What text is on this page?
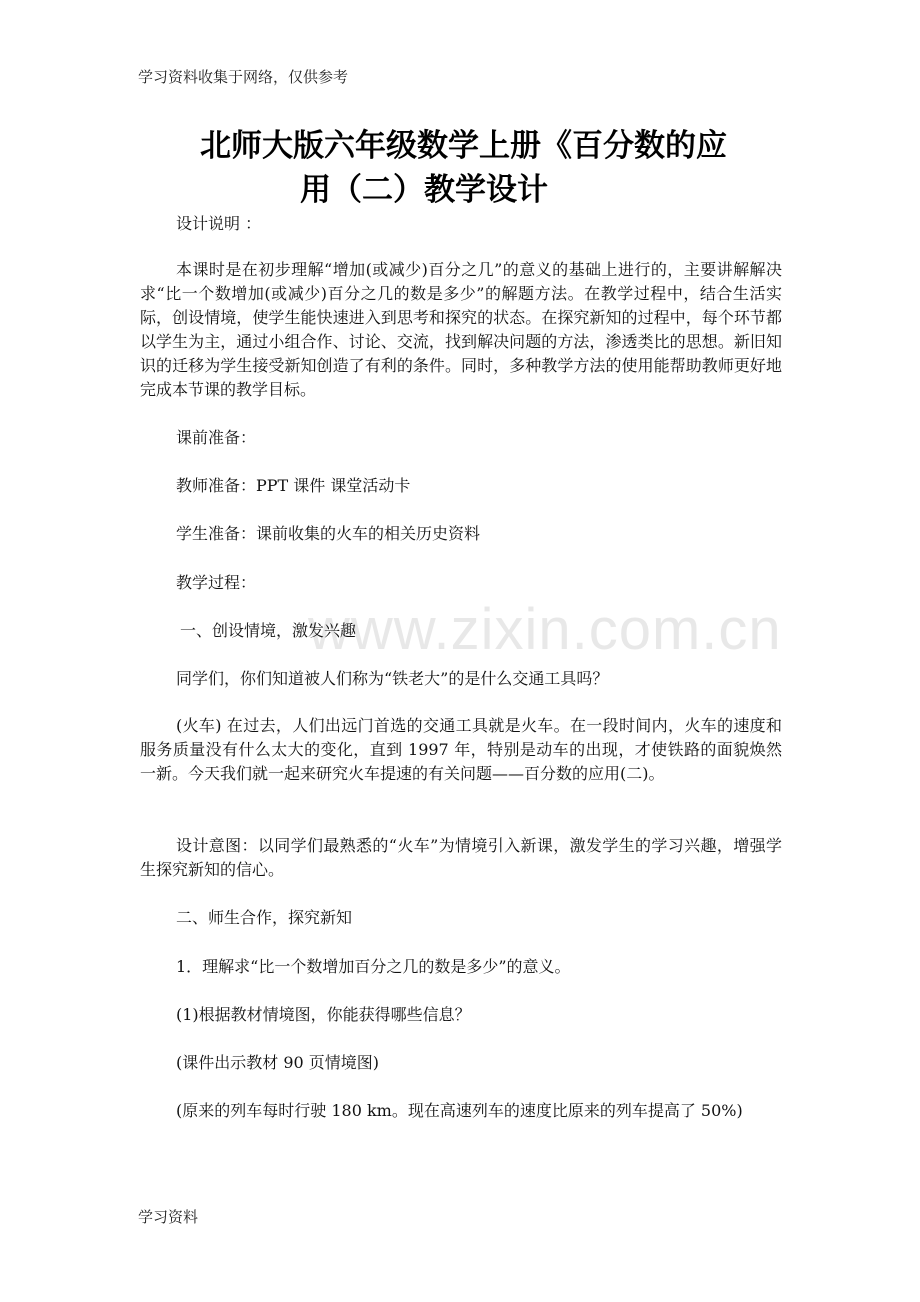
学习资料收集于网络，仅供参考
北师大版六年级数学上册《百分数的应
用（二）教学设计
设计说明 ：
本课时是在初步理解“增加(或减少)百分之几”的意义的基础上进行的，主要讲解解决求“比一个数增加(或减少)百分之几的数是多少”的解题方法。在教学过程中，结合生活实际，创设情境，使学生能快速进入到思考和探究的状态。在探究新知的过程中，每个环节都以学生为主，通过小组合作、讨论、交流，找到解决问题的方法，渗透类比的思想。新旧知识的迁移为学生接受新知创造了有利的条件。同时，多种教学方法的使用能帮助教师更好地完成本节课的教学目标。
课前准备：
教师准备：PPT 课件 课堂活动卡
学生准备：课前收集的火车的相关历史资料
教学过程：
www.zixin.com.cn
一、创设情境，激发兴趣
同学们，你们知道被人们称为“铁老大”的是什么交通工具吗？
(火车) 在过去，人们出远门首选的交通工具就是火车。在一段时间内，火车的速度和服务质量没有什么太大的变化，直到 1997 年，特别是动车的出现，才使铁路的面貌焕然一新。今天我们就一起来研究火车提速的有关问题——百分数的应用(二)。
设计意图：以同学们最熟悉的“火车”为情境引入新课，激发学生的学习兴趣，增强学生探究新知的信心。
二、师生合作，探究新知
1．理解求“比一个数增加百分之几的数是多少”的意义。
(1)根据教材情境图，你能获得哪些信息？
(课件出示教材 90 页情境图)
(原来的列车每时行驶 180 km。现在高速列车的速度比原来的列车提高了 50%)
学习资料
